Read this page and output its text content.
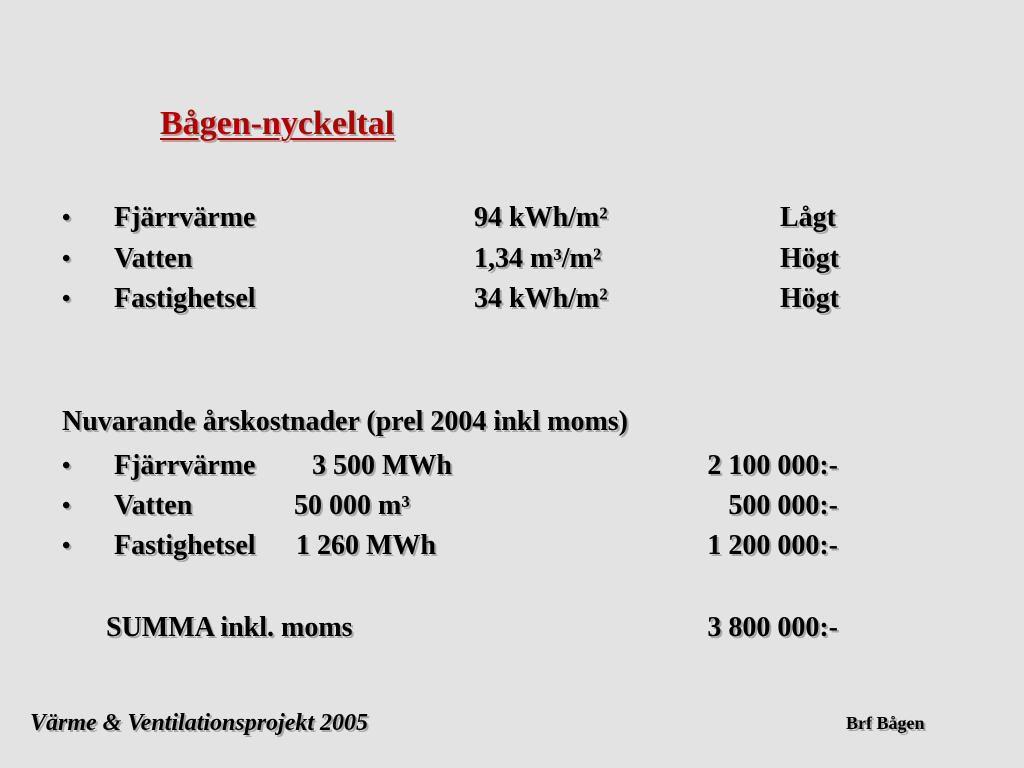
Bågen-nyckeltal
• Fjärrvärme	94 kWh/m²	Lågt
• Vatten	1,34 m³/m²	Högt
• Fastighetsel	34 kWh/m²	Högt
Nuvarande årskostnader (prel 2004 inkl moms)
• Fjärrvärme 3 500 MWh	2 100 000:-
• Vatten	50 000 m³	500 000:-
• Fastighetsel 1 260 MWh	1 200 000:-
SUMMA inkl. moms	3 800 000:-
Värme & Ventilationsprojekt 2005	Brf Bågen
